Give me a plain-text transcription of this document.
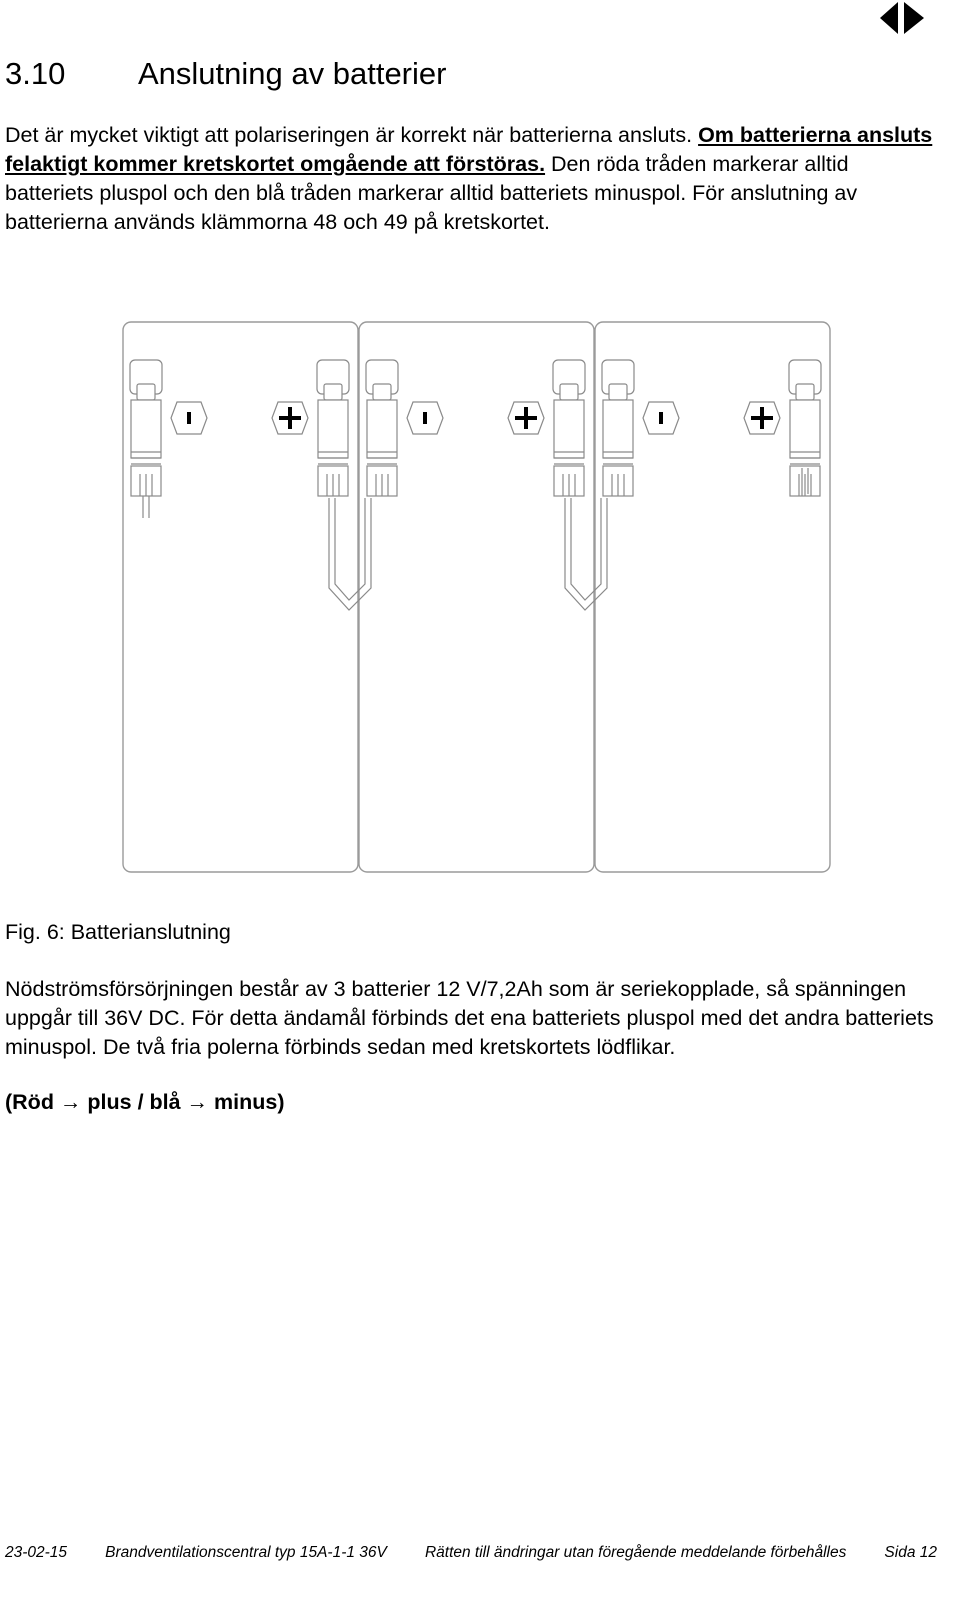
3.10 Anslutning av batterier
Det är mycket viktigt att polariseringen är korrekt när batterierna ansluts. Om batterierna ansluts felaktigt kommer kretskortet omgående att förstöras. Den röda tråden markerar alltid batteriets pluspol och den blå tråden markerar alltid batteriets minuspol. För anslutning av batterierna används klämmorna 48 och 49 på kretskortet.
Fig. 6: Batterianslutning
Nödströmsförsörjningen består av 3 batterier 12 V/7,2Ah som är seriekopplade, så spänningen uppgår till 36V DC. För detta ändamål förbinds det ena batteriets pluspol med det andra batteriets minuspol. De två fria polerna förbinds sedan med kretskortets lödflikar.
(Röd → plus / blå → minus)
23-02-15 Brandventilationscentral typ 15A-1-1 36V Rätten till ändringar utan föregående meddelande förbehålles Sida 12
